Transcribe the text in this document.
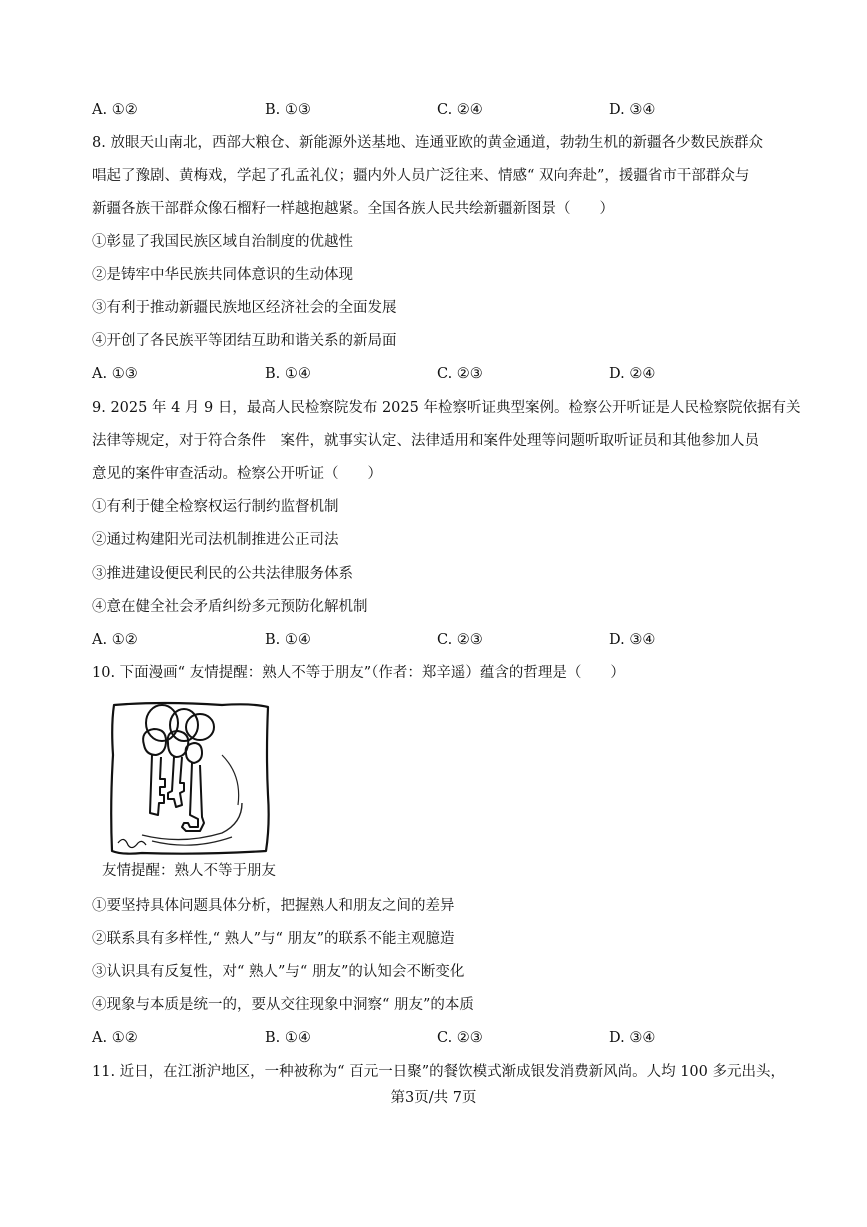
A. ①②	B. ①③	C. ②④	D. ③④
8. 放眼天山南北，西部大粮仓、新能源外送基地、连通亚欧的黄金通道，勃勃生机的新疆各少数民族群众
唱起了豫剧、黄梅戏，学起了孔孟礼仪；疆内外人员广泛往来、情感“ 双向奔赴”，援疆省市干部群众与
新疆各族干部群众像石榴籽一样越抱越紧。全国各族人民共绘新疆新图景（　　）
①彰显了我国民族区域自治制度的优越性
②是铸牢中华民族共同体意识的生动体现
③有利于推动新疆民族地区经济社会的全面发展
④开创了各民族平等团结互助和谐关系的新局面
A. ①③	B. ①④	C. ②③	D. ②④
9. 2025 年 4 月 9 日，最高人民检察院发布 2025 年检察听证典型案例。检察公开听证是人民检察院依据有关
法律等规定，对于符合条件　案件，就事实认定、法律适用和案件处理等问题听取听证员和其他参加人员
意见的案件审查活动。检察公开听证（　　）
①有利于健全检察权运行制约监督机制
②通过构建阳光司法机制推进公正司法
③推进建设便民利民的公共法律服务体系
④意在健全社会矛盾纠纷多元预防化解机制
A. ①②	B. ①④	C. ②③	D. ③④
10. 下面漫画“ 友情提醒：熟人不等于朋友”（作者：郑辛遥）蕴含的哲理是（　　）
友情提醒：熟人不等于朋友
①要坚持具体问题具体分析，把握熟人和朋友之间的差异
②联系具有多样性,“ 熟人”与“ 朋友”的联系不能主观臆造
③认识具有反复性，对“ 熟人”与“ 朋友”的认知会不断变化
④现象与本质是统一的，要从交往现象中洞察“ 朋友”的本质
A. ①②	B. ①④	C. ②③	D. ③④
11. 近日，在江浙沪地区，一种被称为“ 百元一日聚”的餐饮模式渐成银发消费新风尚。人均 100 多元出头，
第3页/共 7页
